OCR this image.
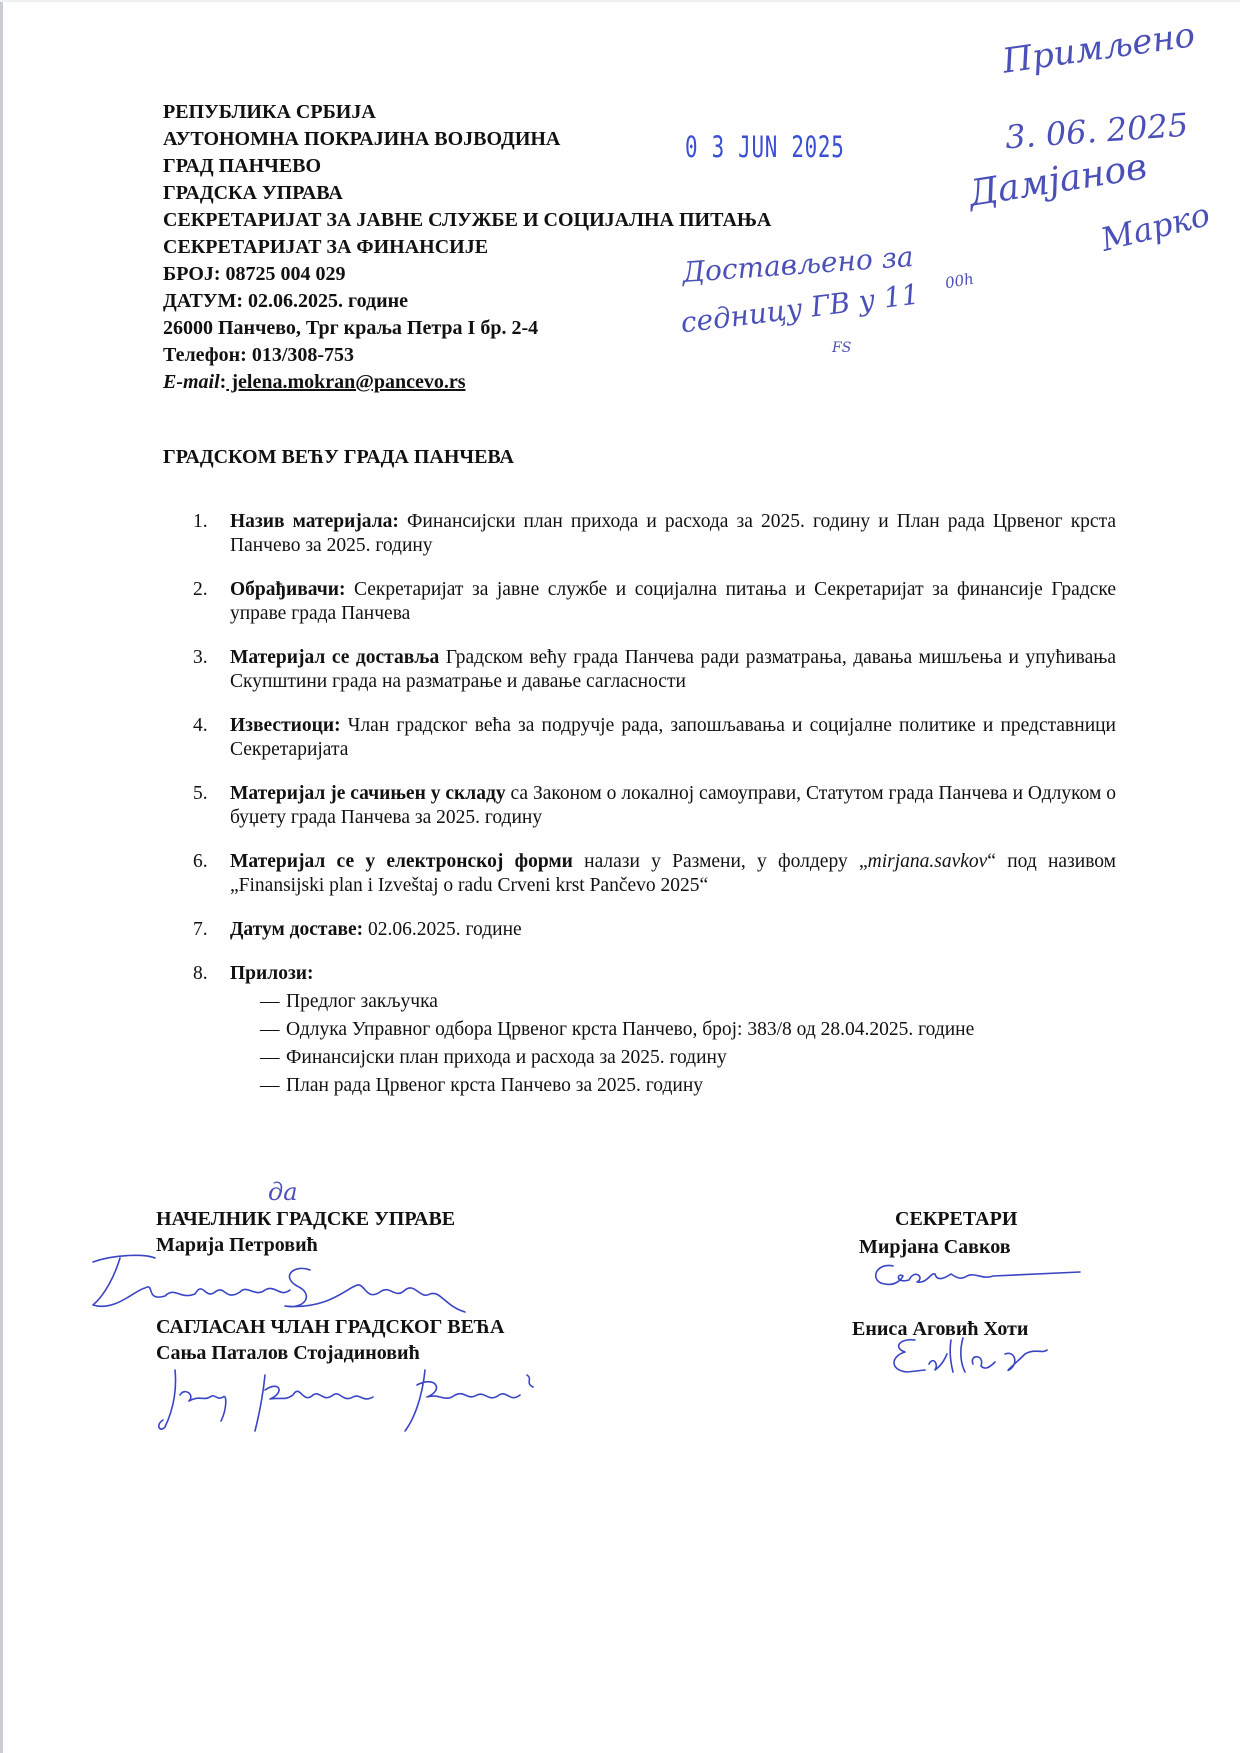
РЕПУБЛИКА СРБИЈА
АУТОНОМНА ПОКРАЈИНА ВОЈВОДИНА
ГРАД ПАНЧЕВО
ГРАДСКА УПРАВА
СЕКРЕТАРИЈАТ ЗА ЈАВНЕ СЛУЖБЕ И СОЦИЈАЛНА ПИТАЊА
СЕКРЕТАРИЈАТ ЗА ФИНАНСИЈЕ
БРОЈ: 08725 004 029
ДАТУМ: 02.06.2025. године
26000 Панчево, Трг краља Петра I бр. 2-4
Телефон: 013/308-753
E-mail: jelena.mokran@pancevo.rs
0 3 JUN 2025
Примљено
3. 06. 2025
Дамјанов
Марко
Достављено за
седницу ГВ у 11 00h
FS
ГРАДСКОМ ВЕЋУ ГРАДА ПАНЧЕВА
1. Назив материјала: Финансијски план прихода и расхода за 2025. годину и План рада Црвеног крста Панчево за 2025. годину
2. Обрађивачи: Секретаријат за јавне службе и социјална питања и Секретаријат за финансије Градске управе града Панчева
3. Материјал се доставља Градском већу града Панчева ради разматрања, давања мишљења и упућивања Скупштини града на разматрање и давање сагласности
4. Известиоци: Члан градског већа за подручје рада, запошљавања и социјалне политике и представници Секретаријата
5. Материјал је сачињен у складу са Законом о локалној самоуправи, Статутом града Панчева и Одлуком о буџету града Панчева за 2025. годину
6. Материјал се у електронској форми налази у Размени, у фолдеру „mirjana.savkov“ под називом „Finansijski plan i Izveštaj o radu Crveni krst Pančevo 2025“
7. Датум доставе: 02.06.2025. године
8. Прилози:
— Предлог закључка
— Одлука Управног одбора Црвеног крста Панчево, број: 383/8 од 28.04.2025. године
— Финансијски план прихода и расхода за 2025. годину
— План рада Црвеног крста Панчево за 2025. годину
да
НАЧЕЛНИК ГРАДСКЕ УПРАВЕ
Марија Петровић
САГЛАСАН ЧЛАН ГРАДСКОГ ВЕЋА
Сања Паталов Стојадиновић
СЕКРЕТАРИ
Мирјана Савков
Ениса Аговић Хоти
